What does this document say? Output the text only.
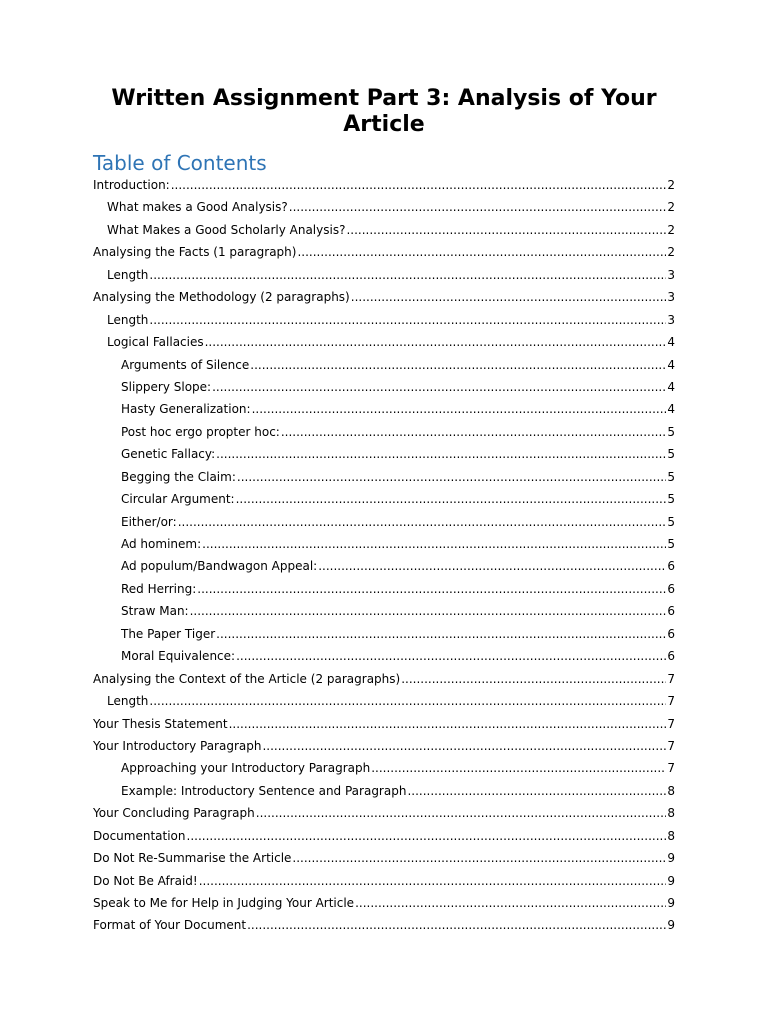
Written Assignment Part 3: Analysis of Your Article
Table of Contents
Introduction: .....	2
What makes a Good Analysis? .....	2
What Makes a Good Scholarly Analysis? .....	2
Analysing the Facts (1 paragraph) .....	2
Length .....	3
Analysing the Methodology (2 paragraphs) .....	3
Length .....	3
Logical Fallacies .....	4
Arguments of Silence .....	4
Slippery Slope: .....	4
Hasty Generalization: .....	4
Post hoc ergo propter hoc: .....	5
Genetic Fallacy: .....	5
Begging the Claim: .....	5
Circular Argument: .....	5
Either/or: .....	5
Ad hominem: .....	5
Ad populum/Bandwagon Appeal: .....	6
Red Herring: .....	6
Straw Man: .....	6
The Paper Tiger .....	6
Moral Equivalence: .....	6
Analysing the Context of the Article (2 paragraphs) .....	7
Length .....	7
Your Thesis Statement .....	7
Your Introductory Paragraph .....	7
Approaching your Introductory Paragraph .....	7
Example: Introductory Sentence and Paragraph .....	8
Your Concluding Paragraph .....	8
Documentation .....	8
Do Not Re-Summarise the Article .....	9
Do Not Be Afraid! .....	9
Speak to Me for Help in Judging Your Article .....	9
Format of Your Document .....	9
